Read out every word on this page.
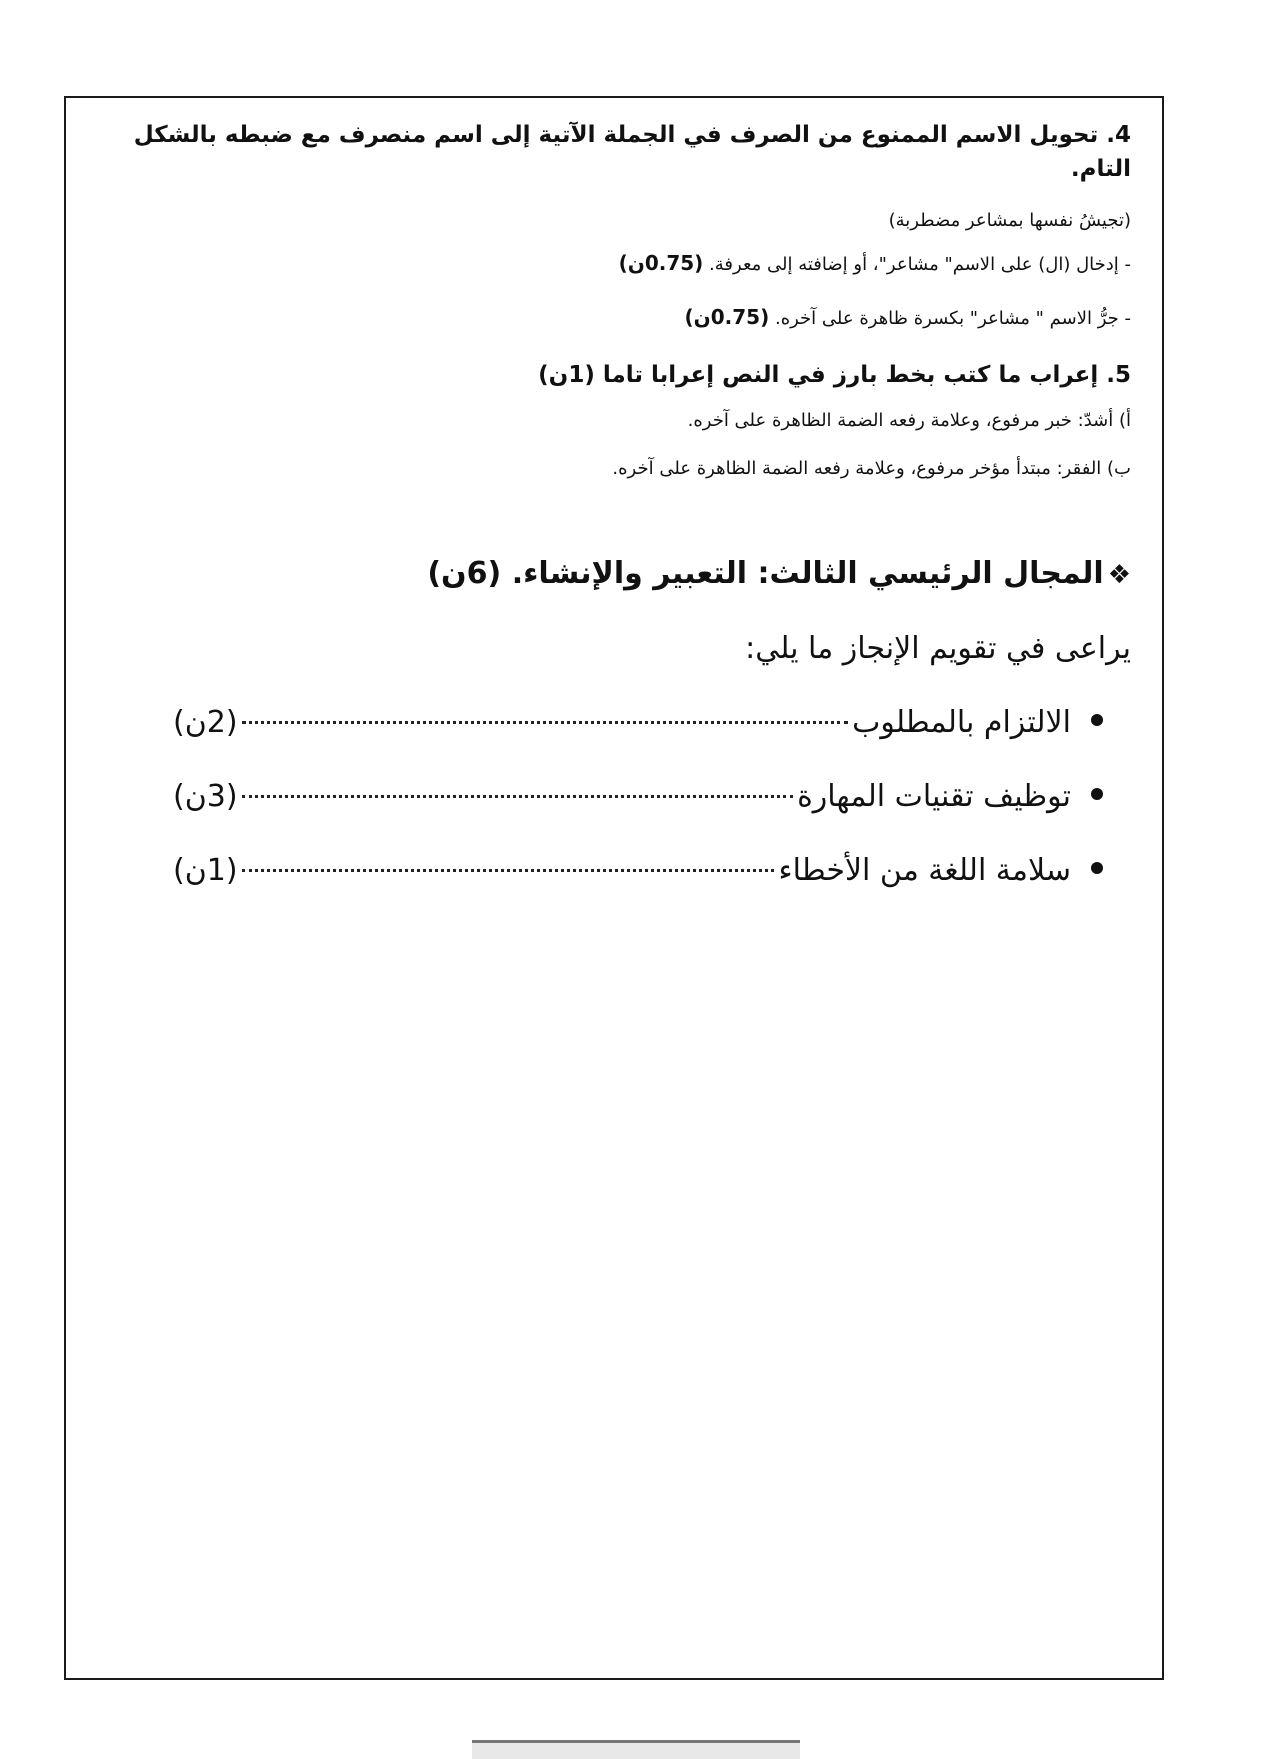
4. تحويل الاسم الممنوع من الصرف في الجملة الآتية إلى اسم منصرف مع ضبطه بالشكل التام.

(تجيشُ نفسها بمشاعر مضطربة)

- إدخال (ال) على الاسم" مشاعر"، أو إضافته إلى معرفة. (0.75ن)

- جرُّ الاسم " مشاعر" بكسرة ظاهرة على آخره. (0.75ن)

5. إعراب ما كتب بخط بارز في النص إعرابا تاما (1ن)

أ) أشدّ: خبر مرفوع، وعلامة رفعه الضمة الظاهرة على آخره.

ب) الفقر: مبتدأ مؤخر مرفوع، وعلامة رفعه الضمة الظاهرة على آخره.

❖المجال الرئيسي الثالث: التعبير والإنشاء. (6ن)

يراعى في تقويم الإنجاز ما يلي:

الالتزام بالمطلوب
(2ن)
توظيف تقنيات المهارة
(3ن)
سلامة اللغة من الأخطاء
(1ن)
